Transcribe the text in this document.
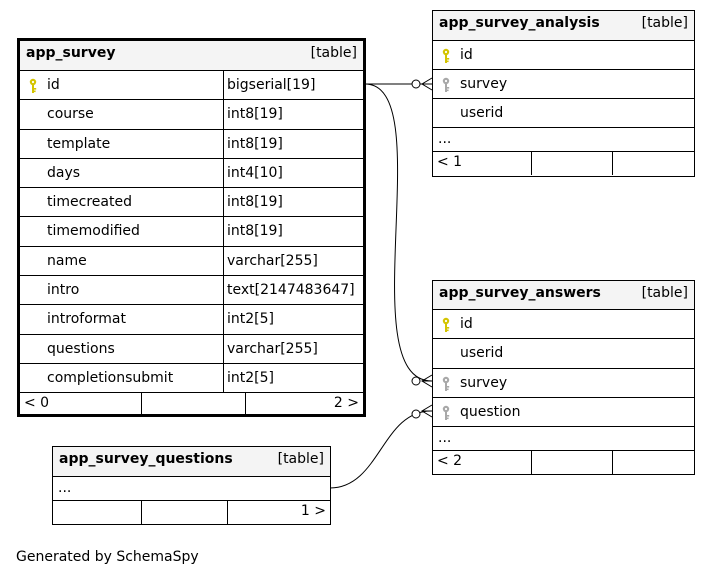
app_survey	[table]
id	bigserial[19]
course	int8[19]
template	int8[19]
days	int4[10]
timecreated	int8[19]
timemodified	int8[19]
name	varchar[255]
intro	text[2147483647]
introformat	int2[5]
questions	varchar[255]
completionsubmit	int2[5]
< 0	2 >
app_survey_analysis	[table]
id
survey
userid
...
< 1
app_survey_answers	[table]
id
userid
survey
question
...
< 2
app_survey_questions	[table]
...
1 >
Generated by SchemaSpy
